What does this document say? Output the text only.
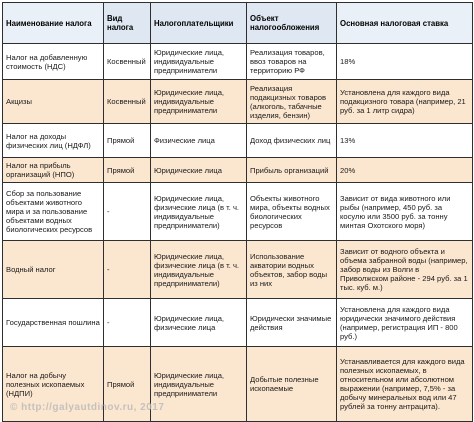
Наименование налога	Вид налога	Налогоплательщики	Объект налогообложения	Основная налоговая ставка
Налог на добавленную стоимость (НДС)	Косвенный	Юридические лица, индивидуальные предприниматели	Реализация товаров, ввоз товаров на территорию РФ	18%
Акцизы	Косвенный	Юридические лица, индивидуальные предприниматели	Реализация подакцизных товаров (алкоголь, табачные изделия, бензин)	Установлена для каждого вида подакцизного товара (например, 21 руб. за 1 литр сидра)
Налог на доходы физических лиц (НДФЛ)	Прямой	Физические лица	Доход физических лиц	13%
Налог на прибыль организаций (НПО)	Прямой	Юридические лица	Прибыль организаций	20%
Сбор за пользование объектами животного мира и за пользование объектами водных биологических ресурсов	-	Юридические лица, физические лица (в т. ч. индивидуальные предприниматели)	Объекты животного мира, объекты водных биологических ресурсов	Зависит от вида животного или рыбы (например, 450 руб. за косулю или 3500 руб. за тонну минтая Охотского моря)
Водный налог	-	Юридические лица, физические лица (в т. ч. индивидуальные предприниматели)	Использование акватории водных объектов, забор воды из них	Зависит от водного объекта и объема забранной воды (например, забор воды из Волги в Приволжском районе - 294 руб. за 1 тыс. куб. м.)
Государственная пошлина	-	Юридические лица, физические лица	Юридически значимые действия	Установлена для каждого вида юридически значимого действия (например, регистрация ИП - 800 руб.)
Налог на добычу полезных ископаемых (НДПИ)	Прямой	Юридические лица, индивидуальные предприниматели	Добытые полезные ископаемые	Устанавливается для каждого вида полезных ископаемых, в относительном или абсолютном выражении (например, 7,5% - за добычу минеральных вод или 47 рублей за тонну антрацита).
© http://galyautdinov.ru, 2017
